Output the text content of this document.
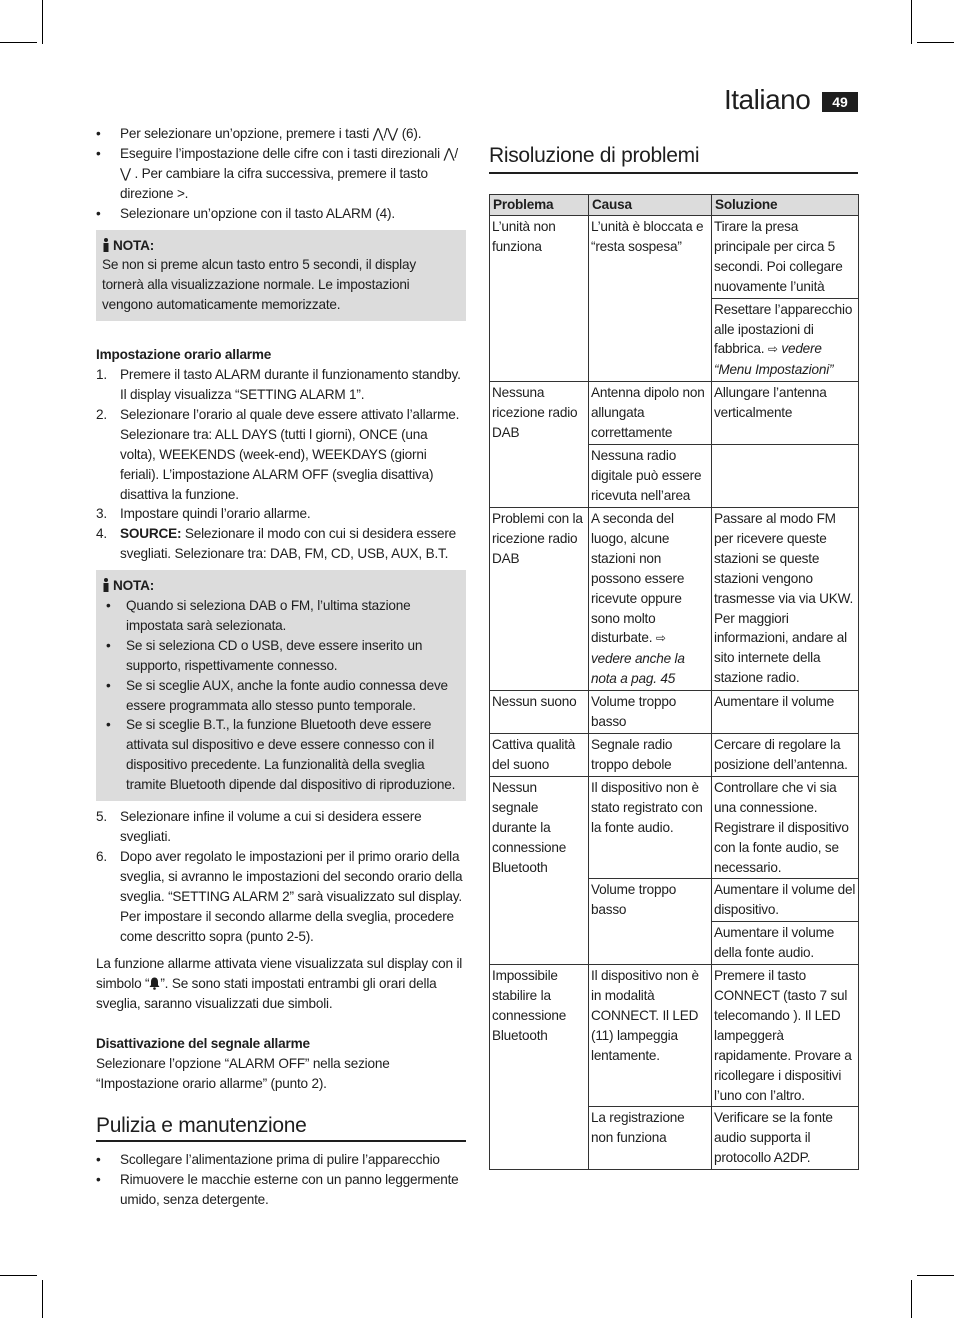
Italiano	49
• Per selezionare un’opzione, premere i tasti ⋀/⋁ (6).
• Eseguire l’impostazione delle cifre con i tasti direzionali ⋀/⋁ . Per cambiare la cifra successiva, premere il tasto direzione >.
• Selezionare un’opzione con il tasto ALARM (4).
NOTA:
Se non si preme alcun tasto entro 5 secondi, il display tornerà alla visualizzazione normale. Le impostazioni vengono automaticamente memorizzate.
Impostazione orario allarme
1. Premere il tasto ALARM durante il funzionamento standby. Il display visualizza “SETTING ALARM 1”.
2. Selezionare l’orario al quale deve essere attivato l’allarme. Selezionare tra: ALL DAYS (tutti l giorni), ONCE (una volta), WEEKENDS (week-end), WEEKDAYS (giorni feriali). L’impostazione ALARM OFF (sveglia disattiva) disattiva la funzione.
3. Impostare quindi l’orario allarme.
4. SOURCE: Selezionare il modo con cui si desidera essere svegliati. Selezionare tra: DAB, FM, CD, USB, AUX, B.T.
NOTA:
• Quando si seleziona DAB o FM, l’ultima stazione impostata sarà selezionata.
• Se si seleziona CD o USB, deve essere inserito un supporto, rispettivamente connesso.
• Se si sceglie AUX, anche la fonte audio connessa deve essere programmata allo stesso punto temporale.
• Se si sceglie B.T., la funzione Bluetooth deve essere attivata sul dispositivo e deve essere connesso con il dispositivo precedente. La funzionalità della sveglia tramite Bluetooth dipende dal dispositivo di riproduzione.
5. Selezionare infine il volume a cui si desidera essere svegliati.
6. Dopo aver regolato le impostazioni per il primo orario della sveglia, si avranno le impostazioni del secondo orario della sveglia. “SETTING ALARM 2” sarà visualizzato sul display. Per impostare il secondo allarme della sveglia, procedere come descritto sopra (punto 2-5).
La funzione allarme attivata viene visualizzata sul display con il simbolo “ ”. Se sono stati impostati entrambi gli orari della sveglia, saranno visualizzati due simboli.
Disattivazione del segnale allarme
Selezionare l’opzione “ALARM OFF” nella sezione “Impostazione orario allarme” (punto 2).
Pulizia e manutenzione
• Scollegare l’alimentazione prima di pulire l’apparecchio
• Rimuovere le macchie esterne con un panno leggermente umido, senza detergente.
Risoluzione di problemi
Problema	Causa	Soluzione
L’unità non funziona	L’unità è bloccata e “resta sospesa”	Tirare la presa principale per circa 5 secondi. Poi collegare nuovamente l’unità
		Resettare l’apparecchio alle ipostazioni di fabbrica. ⇨ vedere “Menu Impostazioni”
Nessuna ricezione radio DAB	Antenna dipolo non allungata correttamente	Allungare l’antenna verticalmente
	Nessuna radio digitale può essere ricevuta nell’area	
Problemi con la ricezione radio DAB	A seconda del luogo, alcune stazioni non possono essere ricevute oppure sono molto disturbate. ⇨ vedere anche la nota a pag. 45	Passare al modo FM per ricevere queste stazioni se queste stazioni vengono trasmesse via via UKW. Per maggiori informazioni, andare al sito internete della stazione radio.
Nessun suono	Volume troppo basso	Aumentare il volume
Cattiva qualità del suono	Segnale radio troppo debole	Cercare di regolare la posizione dell’antenna.
Nessun segnale durante la connessione Bluetooth	Il dispositivo non è stato registrato con la fonte audio.	Controllare che vi sia una connessione. Registrare il dispositivo con la fonte audio, se necessario.
	Volume troppo basso	Aumentare il volume del dispositivo.
		Aumentare il volume della fonte audio.
Impossibile stabilire la connessione Bluetooth	Il dispositivo non è in modalità CONNECT. Il LED (11) lampeggia lentamente.	Premere il tasto CONNECT (tasto 7 sul telecomando ). Il LED lampeggerà rapidamente. Provare a ricollegare i dispositivi l’uno con l’altro.
	La registrazione non funziona	Verificare se la fonte audio supporta il protocollo A2DP.
